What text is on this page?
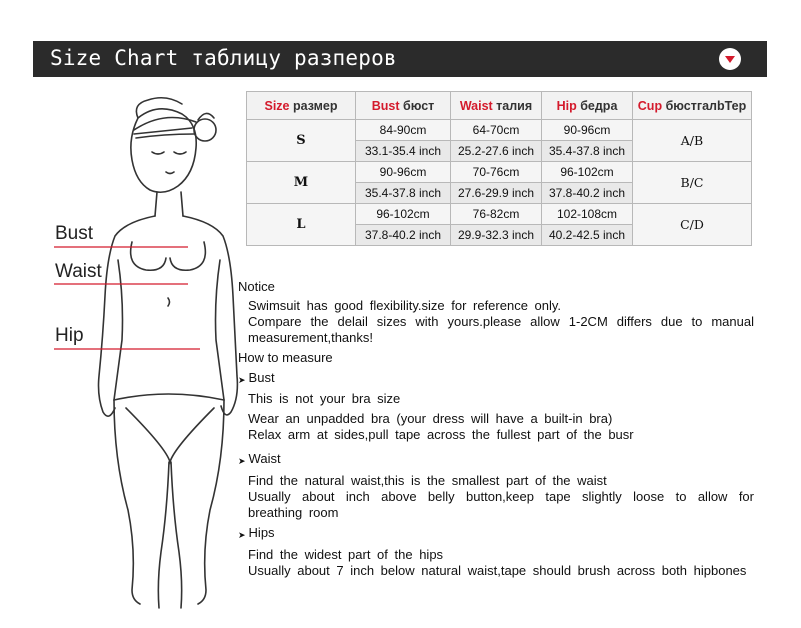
Size Chart таблицу разперов
Bust
Waist
Hip
Size размер	Bust бюст	Waist талия	Hip бедра	Cup бюстгалbТер
S	84-90cm	64-70cm	90-96cm	A/B
	33.1-35.4 inch	25.2-27.6 inch	35.4-37.8 inch	
M	90-96cm	70-76cm	96-102cm	B/C
	35.4-37.8 inch	27.6-29.9 inch	37.8-40.2 inch	
L	96-102cm	76-82cm	102-108cm	C/D
	37.8-40.2 inch	29.9-32.3 inch	40.2-42.5 inch	
Notice
Swimsuit has good flexibility.size for reference only.
Compare the delail sizes with yours.please allow 1-2CM differs due to manual measurement,thanks!
How to measure
➤ Bust
This is not your bra size
Wear an unpadded bra (your dress will have a built-in bra)
Relax arm at sides,pull tape across the fullest part of the busr
➤ Waist
Find the natural waist,this is the smallest part of the waist
Usually about inch above belly button,keep tape slightly loose to allow for breathing room
➤ Hips
Find the widest part of the hips
Usually about 7 inch below natural waist,tape should brush across both hipbones
